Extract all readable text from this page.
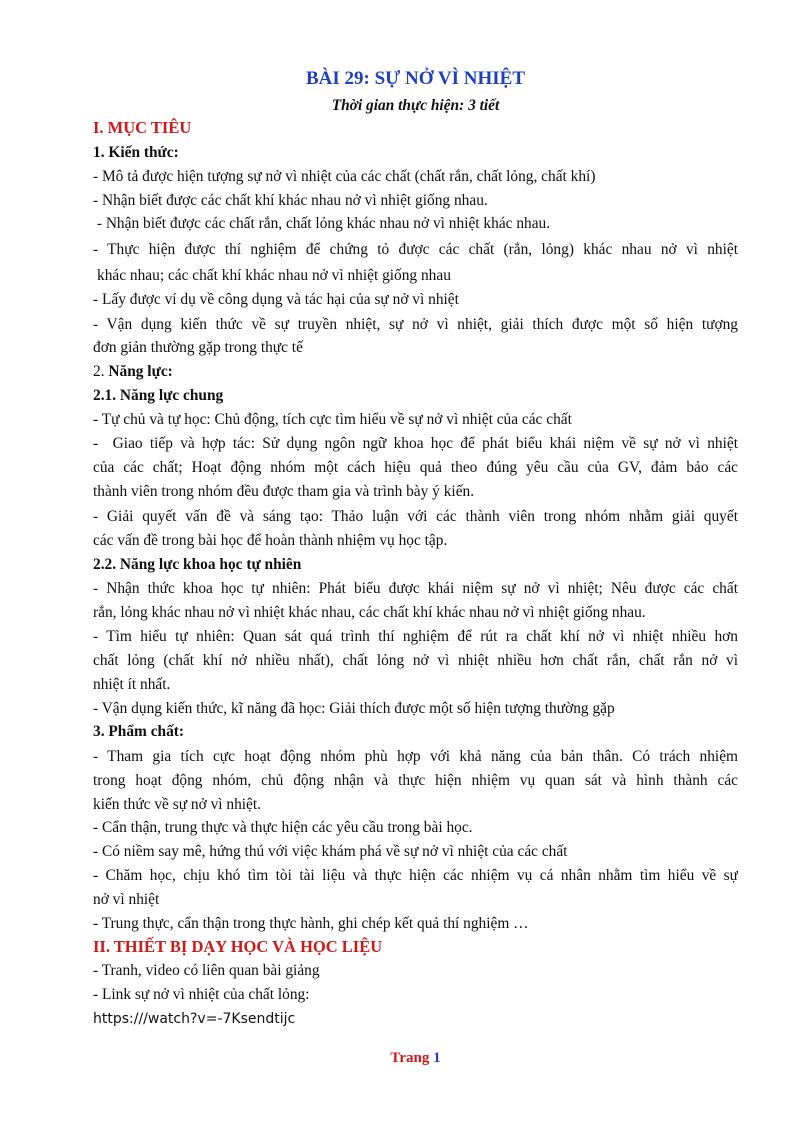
BÀI 29: SỰ NỞ VÌ NHIỆT
Thời gian thực hiện: 3 tiết
I. MỤC TIÊU
1. Kiến thức:
- Mô tả được hiện tượng sự nở vì nhiệt của các chất (chất rắn, chất lỏng, chất khí)
- Nhận biết được các chất khí khác nhau nở vì nhiệt giống nhau.
- Nhận biết được các chất rắn, chất lỏng khác nhau nở vì nhiệt khác nhau.
- Thực hiện được thí nghiệm để chứng tỏ được các chất (rắn, lỏng) khác nhau nở vì nhiệt
khác nhau; các chất khí khác nhau nở vì nhiệt giống nhau
- Lấy được ví dụ về công dụng và tác hại của sự nở vì nhiệt
- Vận dụng kiến thức về sự truyền nhiệt, sự nở vì nhiệt, giải thích được một số hiện tượng
đơn giản thường gặp trong thực tế
2. Năng lực:
2.1. Năng lực chung
- Tự chủ và tự học: Chủ động, tích cực tìm hiểu về sự nở vì nhiệt của các chất
-  Giao tiếp và hợp tác: Sử dụng ngôn ngữ khoa học để phát biểu khái niệm về sự nở vì nhiệt
của các chất; Hoạt động nhóm một cách hiệu quả theo đúng yêu cầu của GV, đảm bảo các
thành viên trong nhóm đều được tham gia và trình bày ý kiến.
- Giải quyết vấn đề và sáng tạo: Thảo luận với các thành viên trong nhóm nhằm giải quyết
các vấn đề trong bài học để hoàn thành nhiệm vụ học tập.
2.2. Năng lực khoa học tự nhiên
- Nhận thức khoa học tự nhiên: Phát biểu được khái niệm sự nở vì nhiệt; Nêu được các chất
rắn, lỏng khác nhau nở vì nhiệt khác nhau, các chất khí khác nhau nở vì nhiệt giống nhau.
- Tìm hiểu tự nhiên: Quan sát quá trình thí nghiệm để rút ra chất khí nở vì nhiệt nhiều hơn
chất lỏng (chất khí nở nhiều nhất), chất lỏng nở vì nhiệt nhiều hơn chất rắn, chất rắn nở vì
nhiệt ít nhất.
- Vận dụng kiến thức, kĩ năng đã học: Giải thích được một số hiện tượng thường gặp
3. Phẩm chất:
- Tham gia tích cực hoạt động nhóm phù hợp với khả năng của bản thân. Có trách nhiệm
trong hoạt động nhóm, chủ động nhận và thực hiện nhiệm vụ quan sát và hình thành các
kiến thức về sự nở vì nhiệt.
- Cẩn thận, trung thực và thực hiện các yêu cầu trong bài học.
- Có niềm say mê, hứng thú với việc khám phá về sự nở vì nhiệt của các chất
- Chăm học, chịu khó tìm tòi tài liệu và thực hiện các nhiệm vụ cá nhân nhằm tìm hiểu về sự
nở vì nhiệt
- Trung thực, cẩn thận trong thực hành, ghi chép kết quả thí nghiệm …
II. THIẾT BỊ DẠY HỌC VÀ HỌC LIỆU
- Tranh, video có liên quan bài giảng
- Link sự nở vì nhiệt của chất lỏng:
https:///watch?v=-7Ksendtijc
Trang 1
